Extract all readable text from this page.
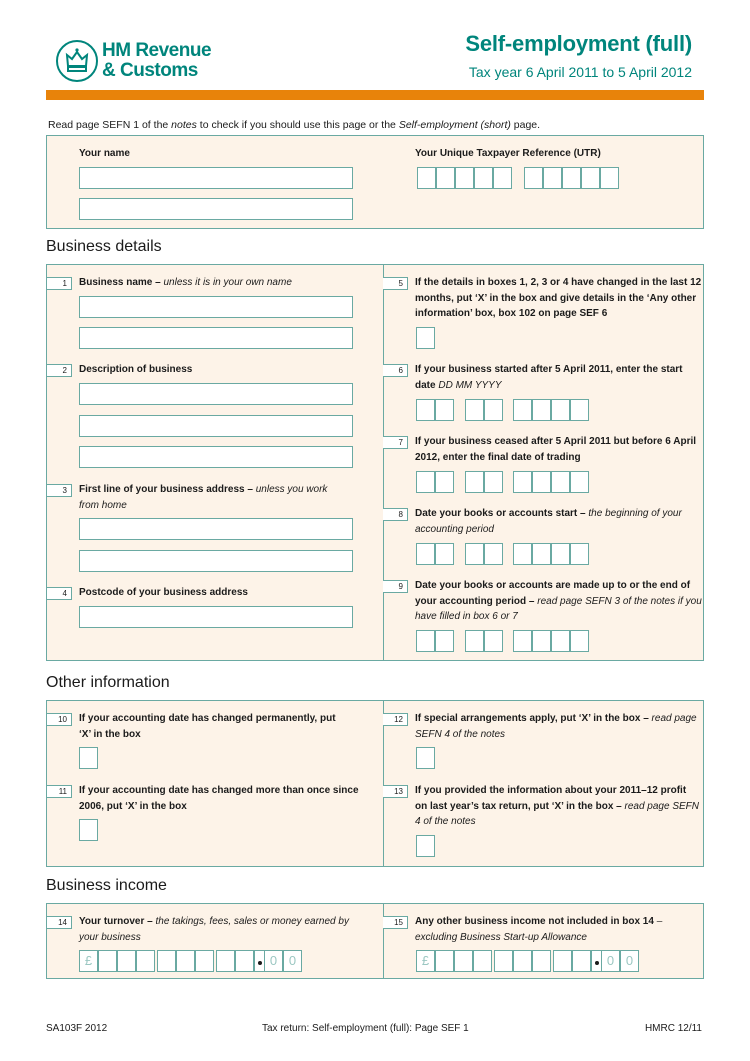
HM Revenue
& Customs
Self-employment (full)
Tax year 6 April 2011 to 5 April 2012
Read page SEFN 1 of the notes to check if you should use this page or the Self-employment (short) page.
Your name	Your Unique Taxpayer Reference (UTR)
Business details
1	Business name – unless it is in your own name
2	Description of business
3	First line of your business address – unless you work from home
4	Postcode of your business address
5	If the details in boxes 1, 2, 3 or 4 have changed in the last 12 months, put ‘X’ in the box and give details in the ‘Any other information’ box, box 102 on page SEF 6
6	If your business started after 5 April 2011, enter the start date DD MM YYYY
7	If your business ceased after 5 April 2011 but before 6 April 2012, enter the final date of trading
8	Date your books or accounts start – the beginning of your accounting period
9	Date your books or accounts are made up to or the end of your accounting period – read page SEFN 3 of the notes if you have filled in box 6 or 7
Other information
10	If your accounting date has changed permanently, put ‘X’ in the box
11	If your accounting date has changed more than once since 2006, put ‘X’ in the box
12	If special arrangements apply, put ‘X’ in the box – read page SEFN 4 of the notes
13	If you provided the information about your 2011–12 profit on last year’s tax return, put ‘X’ in the box – read page SEFN 4 of the notes
Business income
14	Your turnover – the takings, fees, sales or money earned by your business
£	0 0
15	Any other business income not included in box 14 – excluding Business Start-up Allowance
£	0 0
SA103F 2012	Tax return: Self-employment (full): Page SEF 1	HMRC 12/11
